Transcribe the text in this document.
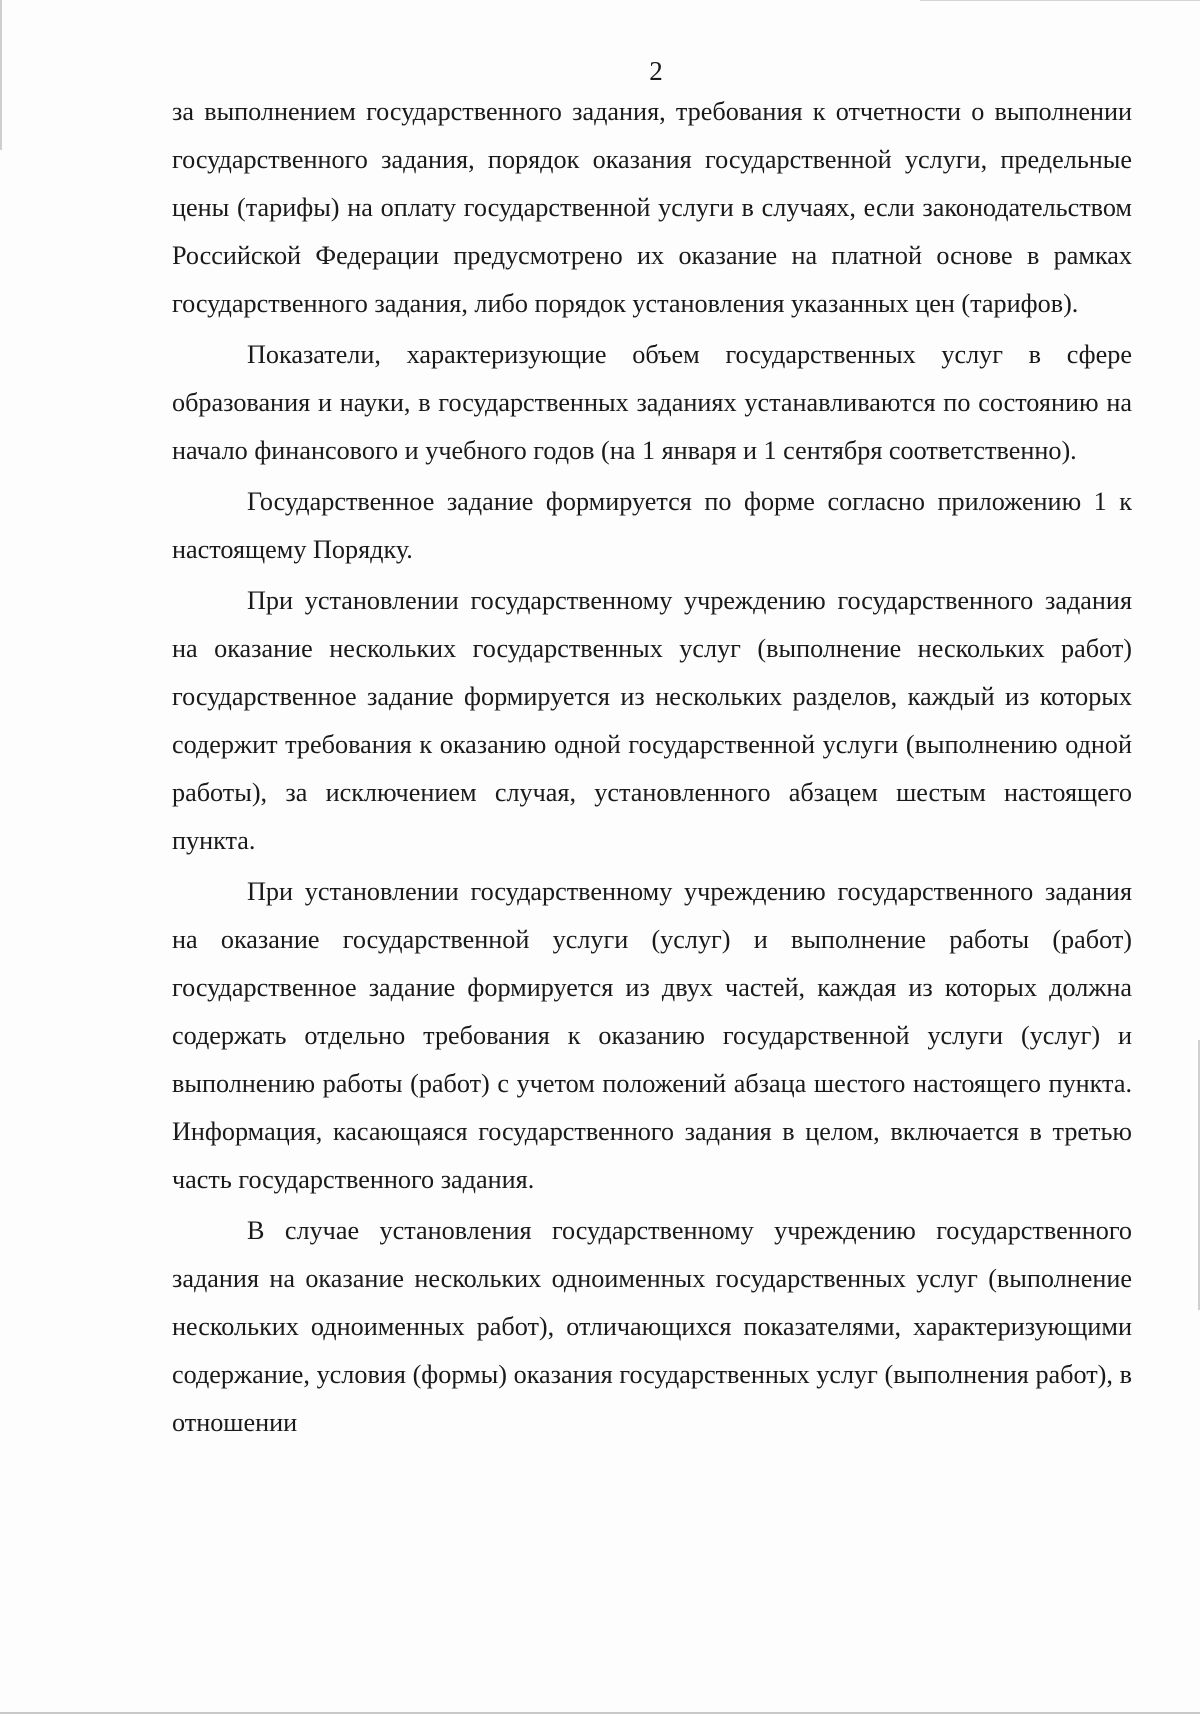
2

за выполнением государственного задания, требования к отчетности о выполнении государственного задания, порядок оказания государственной услуги, предельные цены (тарифы) на оплату государственной услуги в случаях, если законодательством Российской Федерации предусмотрено их оказание на платной основе в рамках государственного задания, либо порядок установления указанных цен (тарифов).

Показатели, характеризующие объем государственных услуг в сфере образования и науки, в государственных заданиях устанавливаются по состоянию на начало финансового и учебного годов (на 1 января и 1 сентября соответственно).

Государственное задание формируется по форме согласно приложению 1 к настоящему Порядку.

При установлении государственному учреждению государственного задания на оказание нескольких государственных услуг (выполнение нескольких работ) государственное задание формируется из нескольких разделов, каждый из которых содержит требования к оказанию одной государственной услуги (выполнению одной работы), за исключением случая, установленного абзацем шестым настоящего пункта.

При установлении государственному учреждению государственного задания на оказание государственной услуги (услуг) и выполнение работы (работ) государственное задание формируется из двух частей, каждая из которых должна содержать отдельно требования к оказанию государственной услуги (услуг) и выполнению работы (работ) с учетом положений абзаца шестого настоящего пункта. Информация, касающаяся государственного задания в целом, включается в третью часть государственного задания.

В случае установления государственному учреждению государственного задания на оказание нескольких одноименных государственных услуг (выполнение нескольких одноименных работ), отличающихся показателями, характеризующими содержание, условия (формы) оказания государственных услуг (выполнения работ), в отношении
